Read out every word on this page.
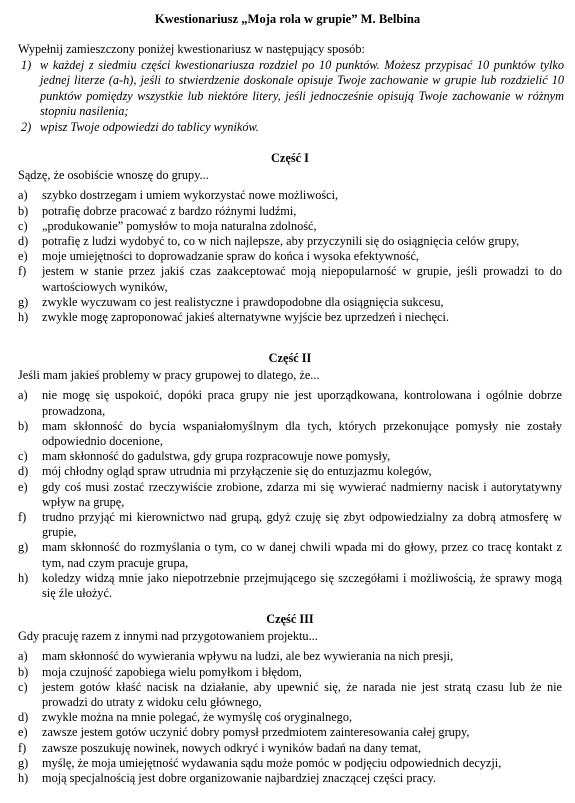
Kwestionariusz „Moja rola w grupie” M. Belbina
Wypełnij zamieszczony poniżej kwestionariusz w następujący sposób:
1) w każdej z siedmiu części kwestionariusza rozdziel po 10 punktów. Możesz przypisać 10 punktów tylko jednej literze (a-h), jeśli to stwierdzenie doskonale opisuje Twoje zachowanie w grupie lub rozdzielić 10 punktów pomiędzy wszystkie lub niektóre litery, jeśli jednocześnie opisują Twoje zachowanie w różnym stopniu nasilenia;
2) wpisz Twoje odpowiedzi do tablicy wyników.
Część I
Sądzę, że osobiście wnoszę do grupy...
a)	szybko dostrzegam i umiem wykorzystać nowe możliwości,
b)	potrafię dobrze pracować z bardzo różnymi ludźmi,
c)	„produkowanie” pomysłów to moja naturalna zdolność,
d)	potrafię z ludzi wydobyć to, co w nich najlepsze, aby przyczynili się do osiągnięcia celów grupy,
e)	moje umiejętności to doprowadzanie spraw do końca i wysoka efektywność,
f)	jestem w stanie przez jakiś czas zaakceptować moją niepopularność w grupie, jeśli prowadzi to do wartościowych wyników,
g)	zwykle wyczuwam co jest realistyczne i prawdopodobne dla osiągnięcia sukcesu,
h)	zwykle mogę zaproponować jakieś alternatywne wyjście bez uprzedzeń i niechęci.
Część II
Jeśli mam jakieś problemy w pracy grupowej to dlatego, że...
a)	nie mogę się uspokoić, dopóki praca grupy nie jest uporządkowana, kontrolowana i ogólnie dobrze prowadzona,
b)	mam skłonność do bycia wspaniałomyślnym dla tych, których przekonujące pomysły nie zostały odpowiednio docenione,
c)	mam skłonność do gadulstwa, gdy grupa rozpracowuje nowe pomysły,
d)	mój chłodny ogląd spraw utrudnia mi przyłączenie się do entuzjazmu kolegów,
e)	gdy coś musi zostać rzeczywiście zrobione, zdarza mi się wywierać nadmierny nacisk i autorytatywny wpływ na grupę,
f)	trudno przyjąć mi kierownictwo nad grupą, gdyż czuję się zbyt odpowiedzialny za dobrą atmosferę w grupie,
g)	mam skłonność do rozmyślania o tym, co w danej chwili wpada mi do głowy, przez co tracę kontakt z tym, nad czym pracuje grupa,
h)	koledzy widzą mnie jako niepotrzebnie przejmującego się szczegółami i możliwością, że sprawy mogą się źle ułożyć.
Część III
Gdy pracuję razem z innymi nad przygotowaniem projektu...
a)	mam skłonność do wywierania wpływu na ludzi, ale bez wywierania na nich presji,
b)	moja czujność zapobiega wielu pomyłkom i błędom,
c)	jestem gotów kłaść nacisk na działanie, aby upewnić się, że narada nie jest stratą czasu lub że nie prowadzi do utraty z widoku celu głównego,
d)	zwykle można na mnie polegać, że wymyślę coś oryginalnego,
e)	zawsze jestem gotów uczynić dobry pomysł przedmiotem zainteresowania całej grupy,
f)	zawsze poszukuję nowinek, nowych odkryć i wyników badań na dany temat,
g)	myślę, że moja umiejętność wydawania sądu może pomóc w podjęciu odpowiednich decyzji,
h)	moją specjalnością jest dobre organizowanie najbardziej znaczącej części pracy.
